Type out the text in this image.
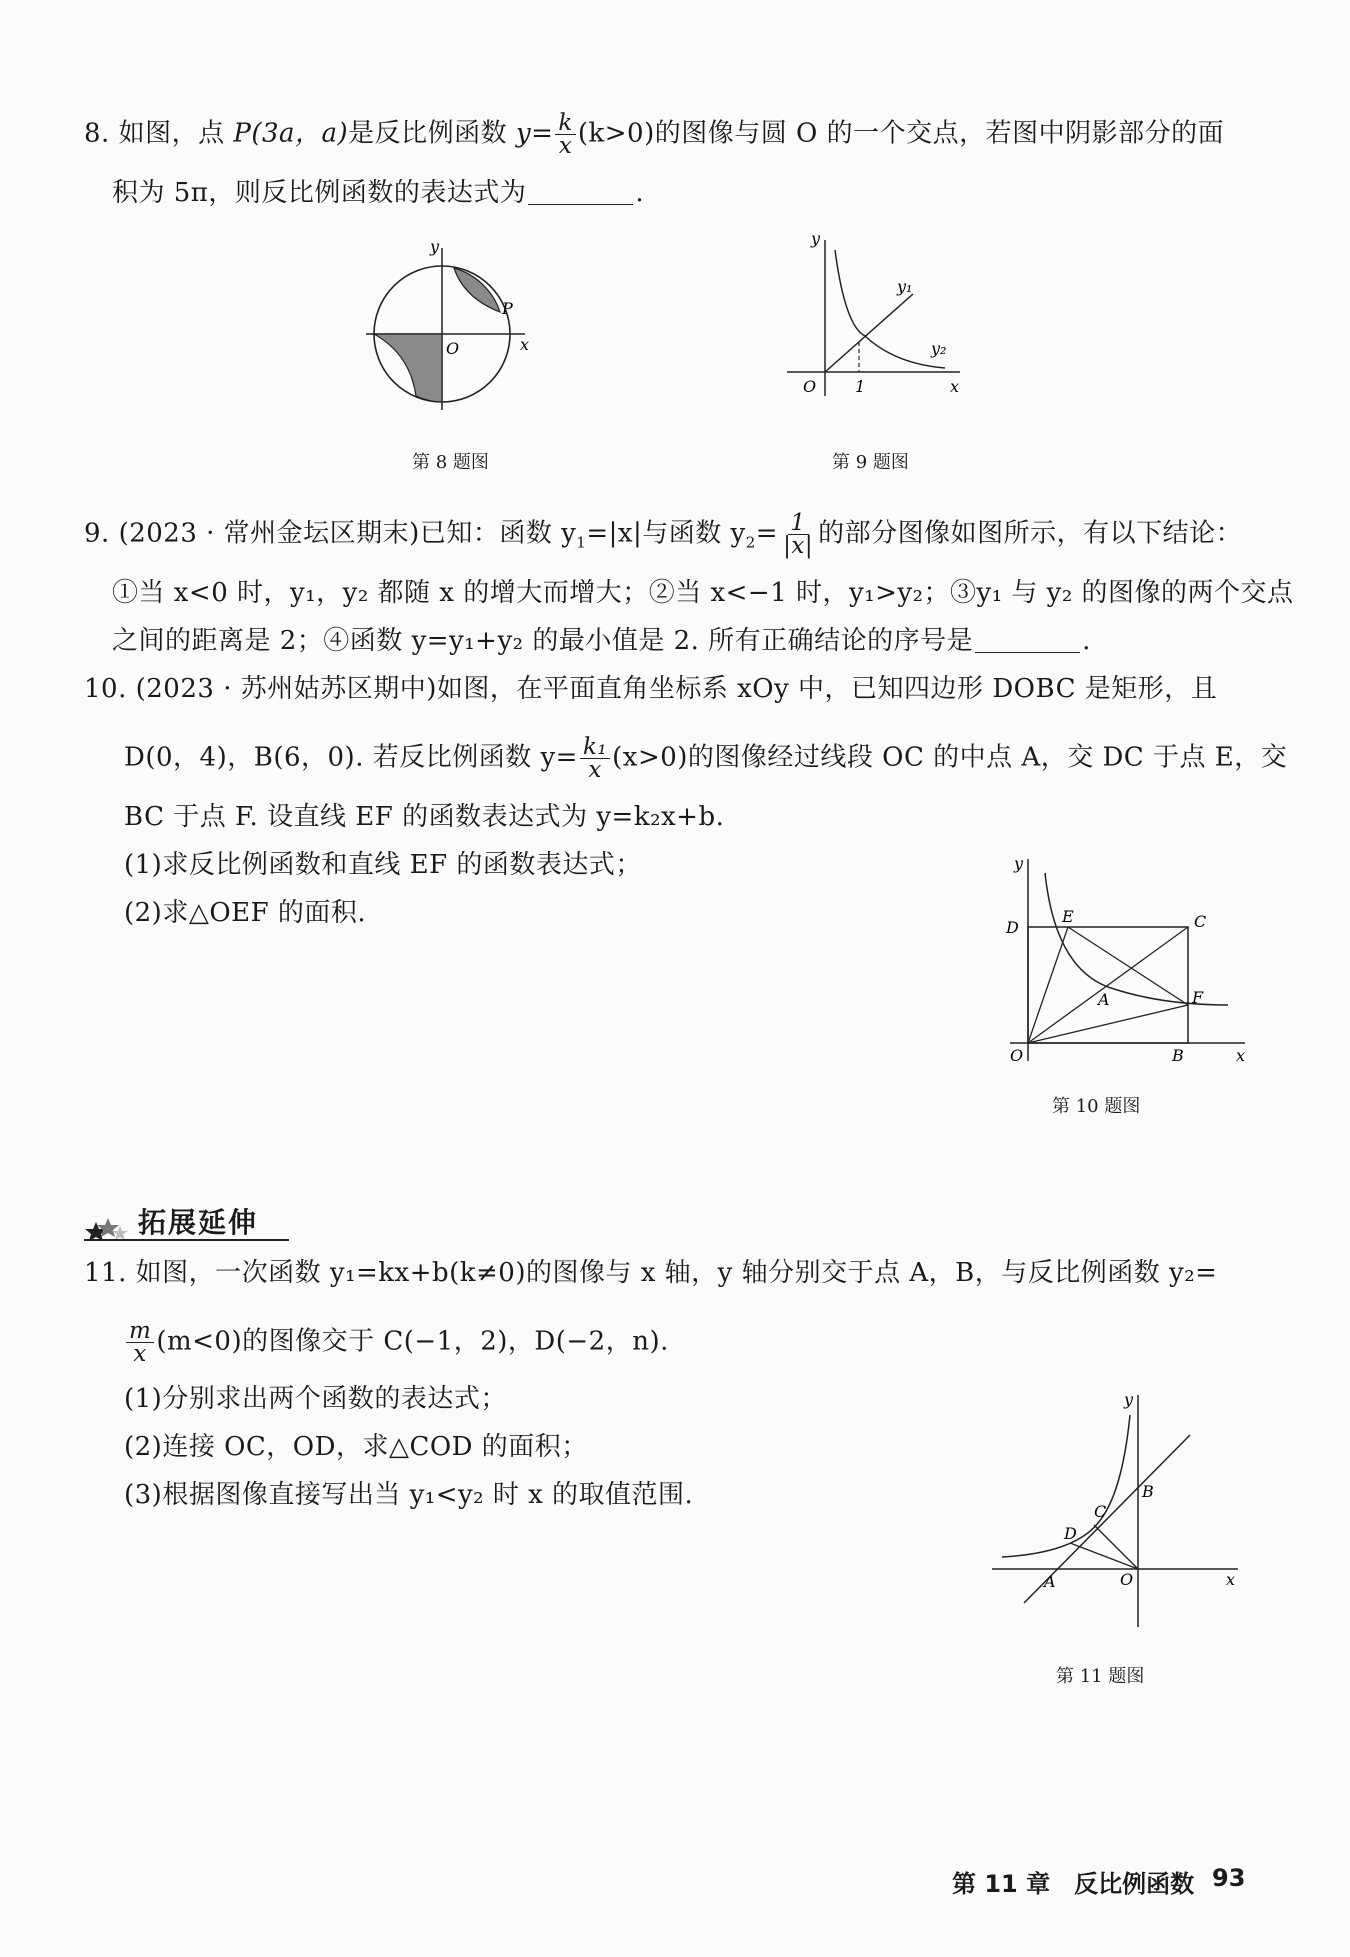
8. 如图，点 P(3a，a)是反比例函数 $y= \frac{k}{x} (k>0)$的图像与圆 O 的一个交点，若图中阴影部分的面
积为 5π，则反比例函数的表达式为	.
y
x
O
P
第 8 题图
y
x
O 1
y₁
y₂
第 9 题图
9. (2023 · 常州金坛区期末)已知：函数 $y_1=|x|$与函数 $y_2= \frac{1}{|x|}$ 的部分图像如图所示，有以下结论：
①当 x<0 时，y₁，y₂ 都随 x 的增大而增大；②当 x<−1 时，y₁>y₂；③y₁ 与 y₂ 的图像的两个交点
之间的距离是 2；④函数 y=y₁+y₂ 的最小值是 2. 所有正确结论的序号是	.
10. (2023 · 苏州姑苏区期中)如图，在平面直角坐标系 xOy 中，已知四边形 DOBC 是矩形，且
D(0，4)，B(6，0). 若反比例函数 $y= \frac{\text{k₁}}{x} (x>0)$的图像经过线段 OC 的中点 A，交 DC 于点 E，交
BC 于点 F. 设直线 EF 的函数表达式为 y=k₂x+b.
(1)求反比例函数和直线 EF 的函数表达式；
(2)求△OEF 的面积.
y
x
O
D
E	C
A	F
B
第 10 题图
拓展延伸
11. 如图，一次函数 y₁=kx+b(k≠0)的图像与 x 轴，y 轴分别交于点 A，B，与反比例函数 y₂=
$\frac{m}{x} (m<0)$的图像交于 C(−1，2)，D(−2，n).
(1)分别求出两个函数的表达式；
(2)连接 OC，OD，求△COD 的面积；
(3)根据图像直接写出当 y₁<y₂ 时 x 的取值范围.
y
x
O
A
B
C
D
第 11 题图
第 11 章　反比例函数 93
